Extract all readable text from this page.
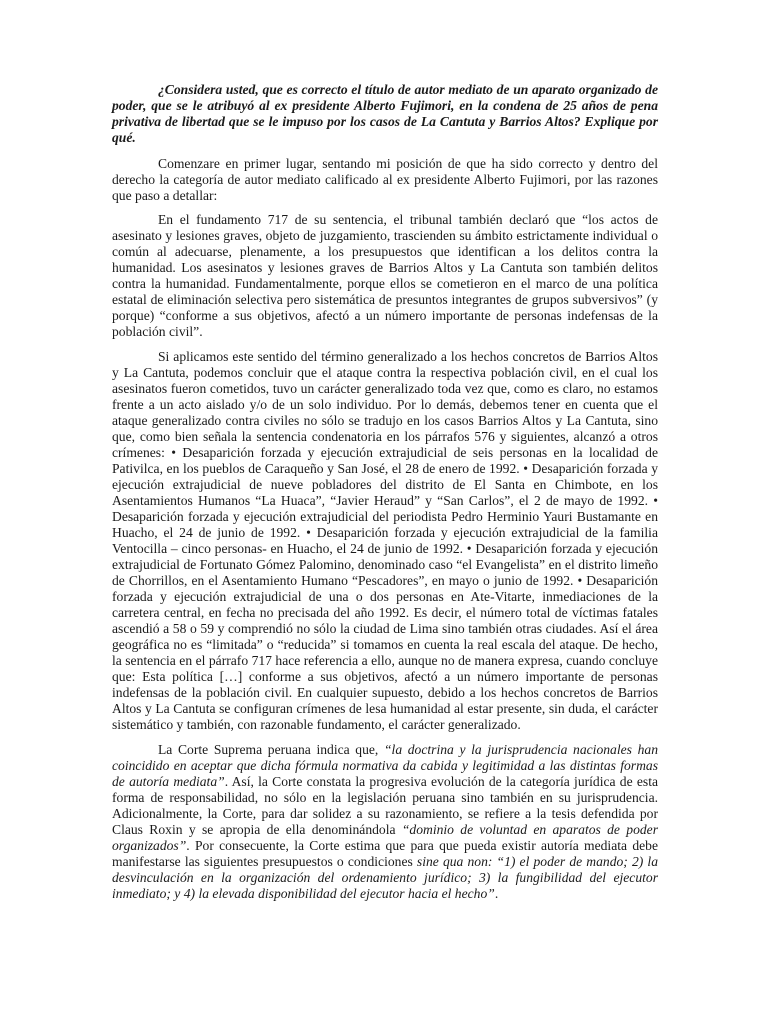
¿Considera usted, que es correcto el título de autor mediato de un aparato organizado de poder, que se le atribuyó al ex presidente Alberto Fujimori, en la condena de 25 años de pena privativa de libertad que se le impuso por los casos de La Cantuta y Barrios Altos? Explique por qué.

Comenzare en primer lugar, sentando mi posición de que ha sido correcto y dentro del derecho la categoría de autor mediato calificado al ex presidente Alberto Fujimori, por las razones que paso a detallar:

En el fundamento 717 de su sentencia, el tribunal también declaró que “los actos de asesinato y lesiones graves, objeto de juzgamiento, trascienden su ámbito estrictamente individual o común al adecuarse, plenamente, a los presupuestos que identifican a los delitos contra la humanidad. Los asesinatos y lesiones graves de Barrios Altos y La Cantuta son también delitos contra la humanidad. Fundamentalmente, porque ellos se cometieron en el marco de una política estatal de eliminación selectiva pero sistemática de presuntos integrantes de grupos subversivos” (y porque) “conforme a sus objetivos, afectó a un número importante de personas indefensas de la población civil”.

Si aplicamos este sentido del término generalizado a los hechos concretos de Barrios Altos y La Cantuta, podemos concluir que el ataque contra la respectiva población civil, en el cual los asesinatos fueron cometidos, tuvo un carácter generalizado toda vez que, como es claro, no estamos frente a un acto aislado y/o de un solo individuo. Por lo demás, debemos tener en cuenta que el ataque generalizado contra civiles no sólo se tradujo en los casos Barrios Altos y La Cantuta, sino que, como bien señala la sentencia condenatoria en los párrafos 576 y siguientes, alcanzó a otros crímenes: • Desaparición forzada y ejecución extrajudicial de seis personas en la localidad de Pativilca, en los pueblos de Caraqueño y San José, el 28 de enero de 1992. • Desaparición forzada y ejecución extrajudicial de nueve pobladores del distrito de El Santa en Chimbote, en los Asentamientos Humanos “La Huaca”, “Javier Heraud” y “San Carlos”, el 2 de mayo de 1992. • Desaparición forzada y ejecución extrajudicial del periodista Pedro Herminio Yauri Bustamante en Huacho, el 24 de junio de 1992. • Desaparición forzada y ejecución extrajudicial de la familia Ventocilla – cinco personas- en Huacho, el 24 de junio de 1992. • Desaparición forzada y ejecución extrajudicial de Fortunato Gómez Palomino, denominado caso “el Evangelista” en el distrito limeño de Chorrillos, en el Asentamiento Humano “Pescadores”, en mayo o junio de 1992. • Desaparición forzada y ejecución extrajudicial de una o dos personas en Ate-Vitarte, inmediaciones de la carretera central, en fecha no precisada del año 1992. Es decir, el número total de víctimas fatales ascendió a 58 o 59 y comprendió no sólo la ciudad de Lima sino también otras ciudades. Así el área geográfica no es “limitada” o “reducida” si tomamos en cuenta la real escala del ataque. De hecho, la sentencia en el párrafo 717 hace referencia a ello, aunque no de manera expresa, cuando concluye que: Esta política […] conforme a sus objetivos, afectó a un número importante de personas indefensas de la población civil. En cualquier supuesto, debido a los hechos concretos de Barrios Altos y La Cantuta se configuran crímenes de lesa humanidad al estar presente, sin duda, el carácter sistemático y también, con razonable fundamento, el carácter generalizado.

La Corte Suprema peruana indica que, “la doctrina y la jurisprudencia nacionales han coincidido en aceptar que dicha fórmula normativa da cabida y legitimidad a las distintas formas de autoría mediata”. Así, la Corte constata la progresiva evolución de la categoría jurídica de esta forma de responsabilidad, no sólo en la legislación peruana sino también en su jurisprudencia. Adicionalmente, la Corte, para dar solidez a su razonamiento, se refiere a la tesis defendida por Claus Roxin y se apropia de ella denominándola “dominio de voluntad en aparatos de poder organizados”. Por consecuente, la Corte estima que para que pueda existir autoría mediata debe manifestarse las siguientes presupuestos o condiciones sine qua non: “1) el poder de mando; 2) la desvinculación en la organización del ordenamiento jurídico; 3) la fungibilidad del ejecutor inmediato; y 4) la elevada disponibilidad del ejecutor hacia el hecho”.
